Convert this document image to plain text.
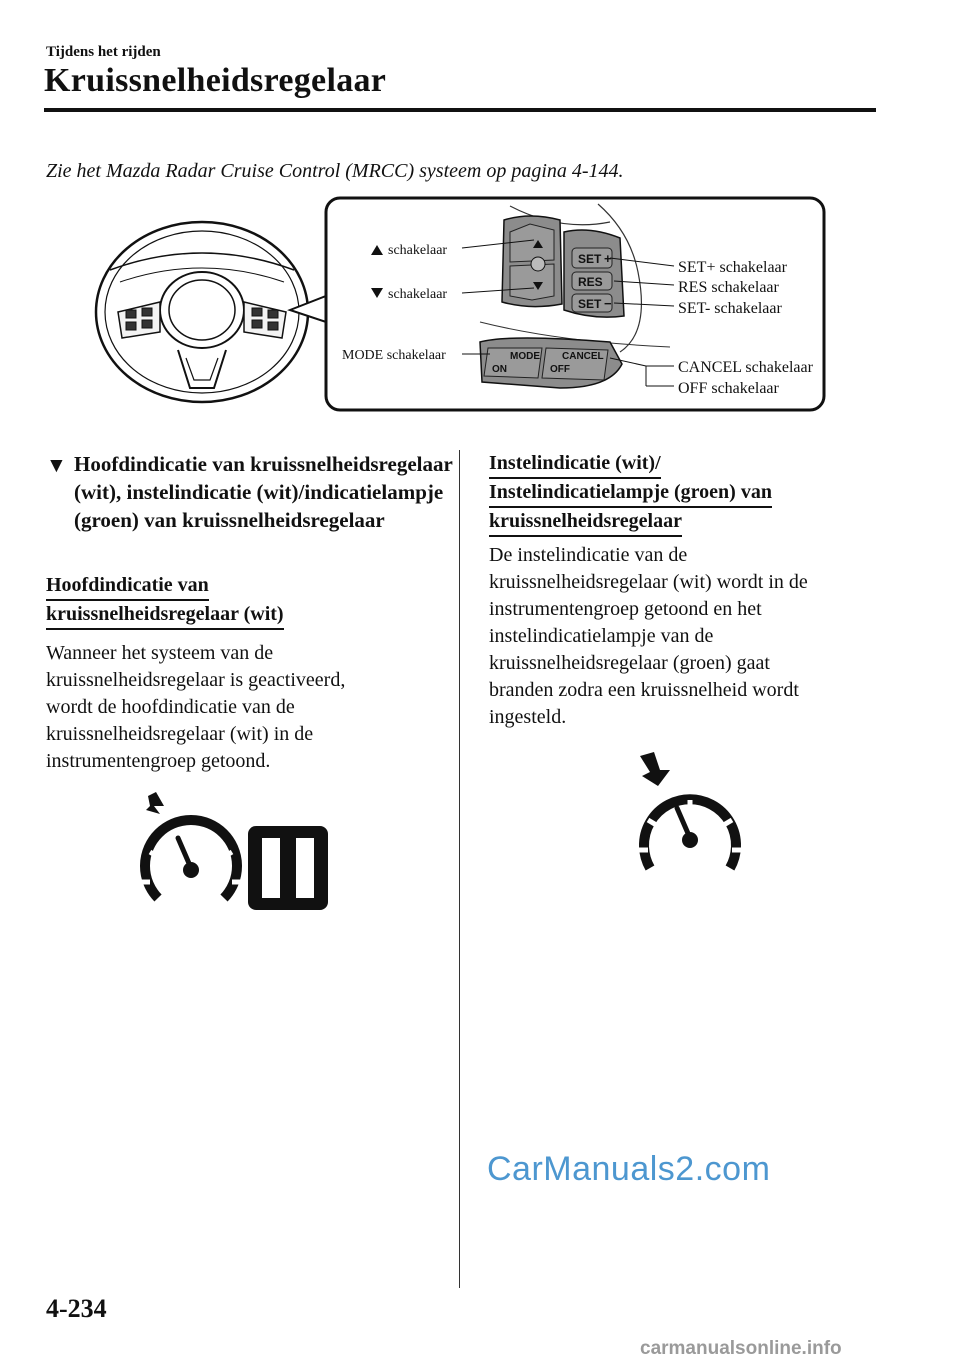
Tijdens het rijden
Kruissnelheidsregelaar
Zie het Mazda Radar Cruise Control (MRCC) systeem op pagina 4-144.
SET +
RES
SET −
MODE
ON
CANCEL
OFF
schakelaar
schakelaar
MODE schakelaar
SET+ schakelaar
RES schakelaar
SET- schakelaar
CANCEL schakelaar
OFF schakelaar
▼ Hoofdindicatie van kruissnelheidsregelaar (wit), instelindicatie (wit)/indicatielampje (groen) van kruissnelheidsregelaar
Hoofdindicatie van
kruissnelheidsregelaar (wit)
Wanneer het systeem van de
kruissnelheidsregelaar is geactiveerd,
wordt de hoofdindicatie van de
kruissnelheidsregelaar (wit) in de
instrumentengroep getoond.
Instelindicatie (wit)/
Instelindicatielampje (groen) van
kruissnelheidsregelaar
De instelindicatie van de
kruissnelheidsregelaar (wit) wordt in de
instrumentengroep getoond en het
instelindicatielampje van de
kruissnelheidsregelaar (groen) gaat
branden zodra een kruissnelheid wordt
ingesteld.
CarManuals2.com
4-234
carmanualsonline.info
